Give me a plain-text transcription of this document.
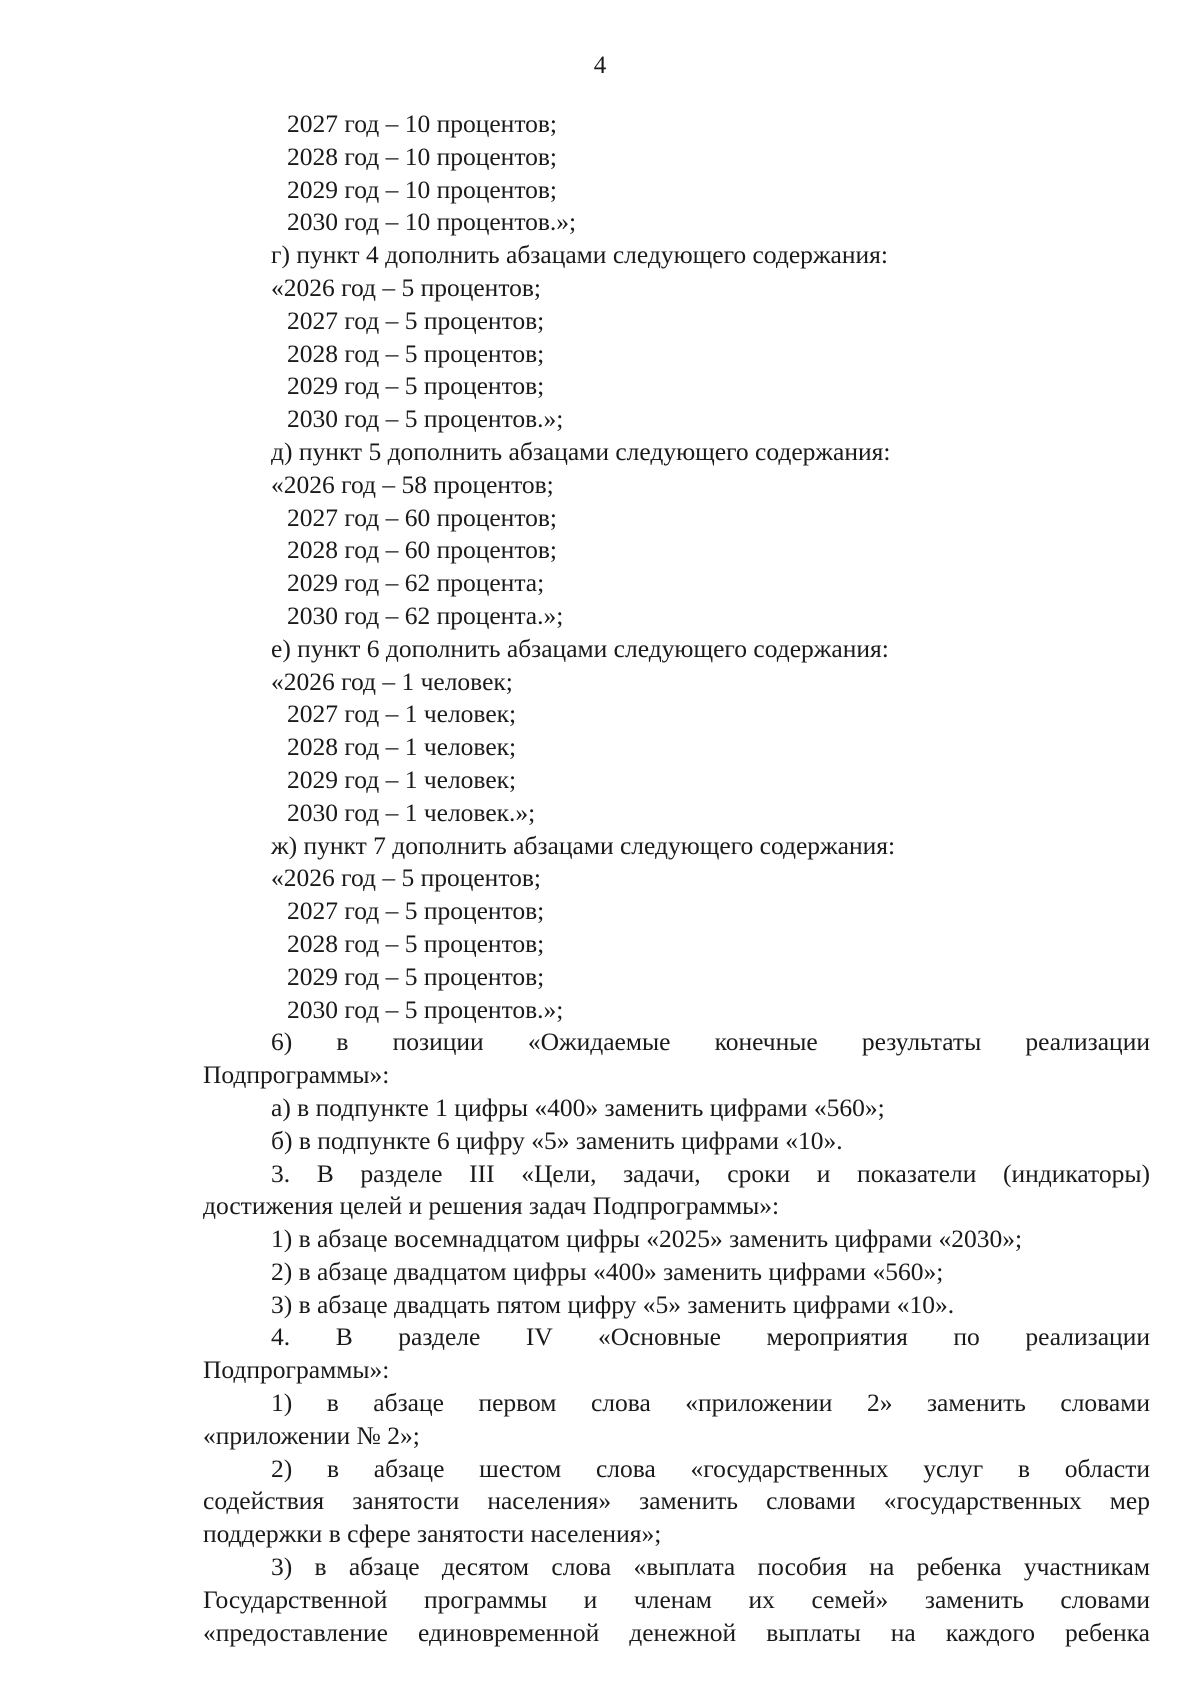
4
2027 год – 10 процентов;
2028 год – 10 процентов;
2029 год – 10 процентов;
2030 год – 10 процентов.»;
г) пункт 4 дополнить абзацами следующего содержания:
«2026 год – 5 процентов;
2027 год – 5 процентов;
2028 год – 5 процентов;
2029 год – 5 процентов;
2030 год – 5 процентов.»;
д) пункт 5 дополнить абзацами следующего содержания:
«2026 год – 58 процентов;
2027 год – 60 процентов;
2028 год – 60 процентов;
2029 год – 62 процента;
2030 год – 62 процента.»;
е) пункт 6 дополнить абзацами следующего содержания:
«2026 год – 1 человек;
2027 год – 1 человек;
2028 год – 1 человек;
2029 год – 1 человек;
2030 год – 1 человек.»;
ж) пункт 7 дополнить абзацами следующего содержания:
«2026 год – 5 процентов;
2027 год – 5 процентов;
2028 год – 5 процентов;
2029 год – 5 процентов;
2030 год – 5 процентов.»;
6) в позиции «Ожидаемые конечные результаты реализации
Подпрограммы»:
а) в подпункте 1 цифры «400» заменить цифрами «560»;
б) в подпункте 6 цифру «5» заменить цифрами «10».
3. В разделе III «Цели, задачи, сроки и показатели (индикаторы)
достижения целей и решения задач Подпрограммы»:
1) в абзаце восемнадцатом цифры «2025» заменить цифрами «2030»;
2) в абзаце двадцатом цифры «400» заменить цифрами «560»;
3) в абзаце двадцать пятом цифру «5» заменить цифрами «10».
4. В разделе IV «Основные мероприятия по реализации
Подпрограммы»:
1) в абзаце первом слова «приложении 2» заменить словами
«приложении № 2»;
2) в абзаце шестом слова «государственных услуг в области
содействия занятости населения» заменить словами «государственных мер
поддержки в сфере занятости населения»;
3) в абзаце десятом слова «выплата пособия на ребенка участникам
Государственной программы и членам их семей» заменить словами
«предоставление единовременной денежной выплаты на каждого ребенка
